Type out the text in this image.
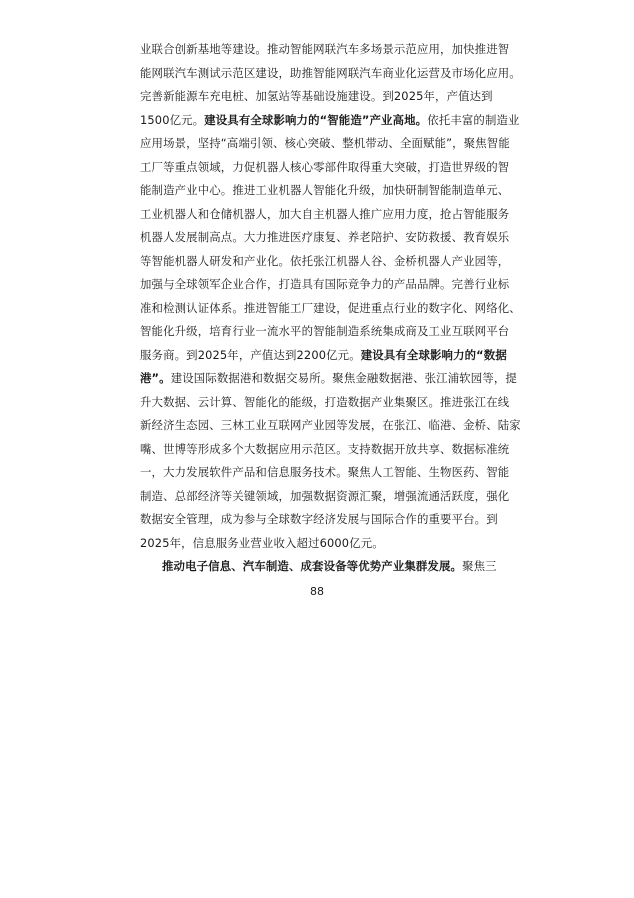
业联合创新基地等建设。推动智能网联汽车多场景示范应用，加快推进智
能网联汽车测试示范区建设，助推智能网联汽车商业化运营及市场化应用。
完善新能源车充电桩、加氢站等基础设施建设。到2025年，产值达到
1500亿元。建设具有全球影响力的“智能造”产业高地。依托丰富的制造业
应用场景，坚持“高端引领、核心突破、整机带动、全面赋能”，聚焦智能
工厂等重点领域，力促机器人核心零部件取得重大突破，打造世界级的智
能制造产业中心。推进工业机器人智能化升级，加快研制智能制造单元、
工业机器人和仓储机器人，加大自主机器人推广应用力度，抢占智能服务
机器人发展制高点。大力推进医疗康复、养老陪护、安防救援、教育娱乐
等智能机器人研发和产业化。依托张江机器人谷、金桥机器人产业园等，
加强与全球领军企业合作，打造具有国际竞争力的产品品牌。完善行业标
准和检测认证体系。推进智能工厂建设，促进重点行业的数字化、网络化、
智能化升级，培育行业一流水平的智能制造系统集成商及工业互联网平台
服务商。到2025年，产值达到2200亿元。建设具有全球影响力的“数据
港”。建设国际数据港和数据交易所。聚焦金融数据港、张江浦软园等，提
升大数据、云计算、智能化的能级，打造数据产业集聚区。推进张江在线
新经济生态园、三林工业互联网产业园等发展，在张江、临港、金桥、陆家
嘴、世博等形成多个大数据应用示范区。支持数据开放共享、数据标准统
一，大力发展软件产品和信息服务技术。聚焦人工智能、生物医药、智能
制造、总部经济等关键领域，加强数据资源汇聚，增强流通活跃度，强化
数据安全管理，成为参与全球数字经济发展与国际合作的重要平台。到
2025年，信息服务业营业收入超过6000亿元。
推动电子信息、汽车制造、成套设备等优势产业集群发展。聚焦三
88
